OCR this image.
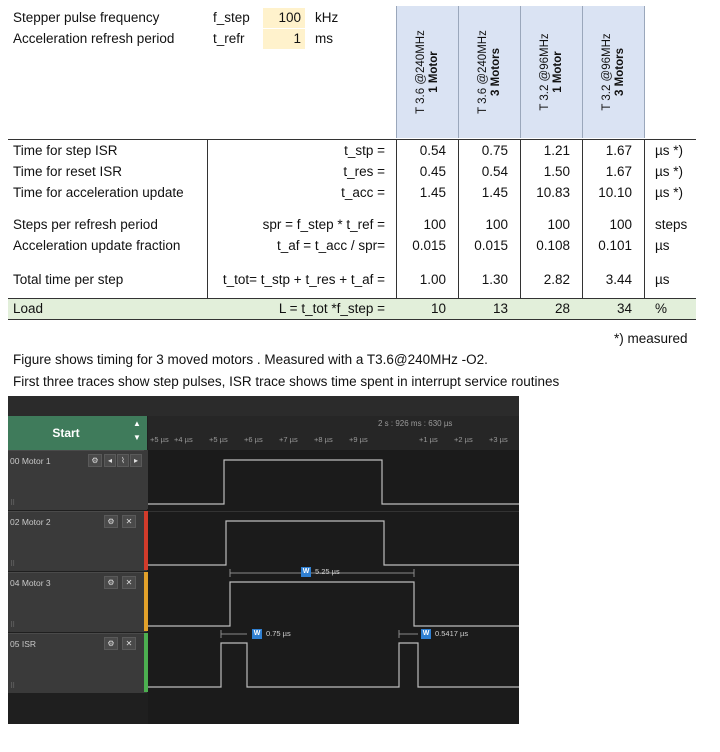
Stepper pulse frequency	f_step	100 kHz
Acceleration refresh period	t_refr	1 ms	T 3.6 @240MHz 1 Motor	T 3.6 @240MHz 3 Motors	T 3.2 @96MHz 1 Motor	T 3.2 @96MHz 3 Motors
Time for step ISR	t_stp =	0.54	0.75	1.21	1.67 µs *)
Time for reset ISR	t_res =	0.45	0.54	1.50	1.67 µs *)
Time for acceleration update	t_acc =	1.45	1.45	10.83	10.10 µs *)
Steps per refresh period	spr = f_step * t_ref =	100	100	100	100 steps
Acceleration update fraction	t_af = t_acc / spr=	0.015	0.015	0.108	0.101 µs
Total time per step	t_tot= t_stp + t_res + t_af =	1.00	1.30	2.82	3.44 µs
Load	L = t_tot *f_step =	10	13	28	34 %
*) measured
Figure shows timing for 3 moved motors . Measured with a T3.6@240MHz -O2.
First three traces show step pulses, ISR trace shows time spent in interrupt service routines
Start
▲
▼
2 s : 926 ms : 630 µs
+5 µs +4 µs +5 µs +6 µs +7 µs +8 µs +9 µs	+1 µs +2 µs +3 µs
00 Motor 1	⚙	◂	⌇	▸
⠿
02 Motor 2	⚙	✕
⠿
04 Motor 3	⚙	✕
⠿
05 ISR	⚙	✕
⠿
W 5.25 µs
W 0.75 µs	W 0.5417 µs
